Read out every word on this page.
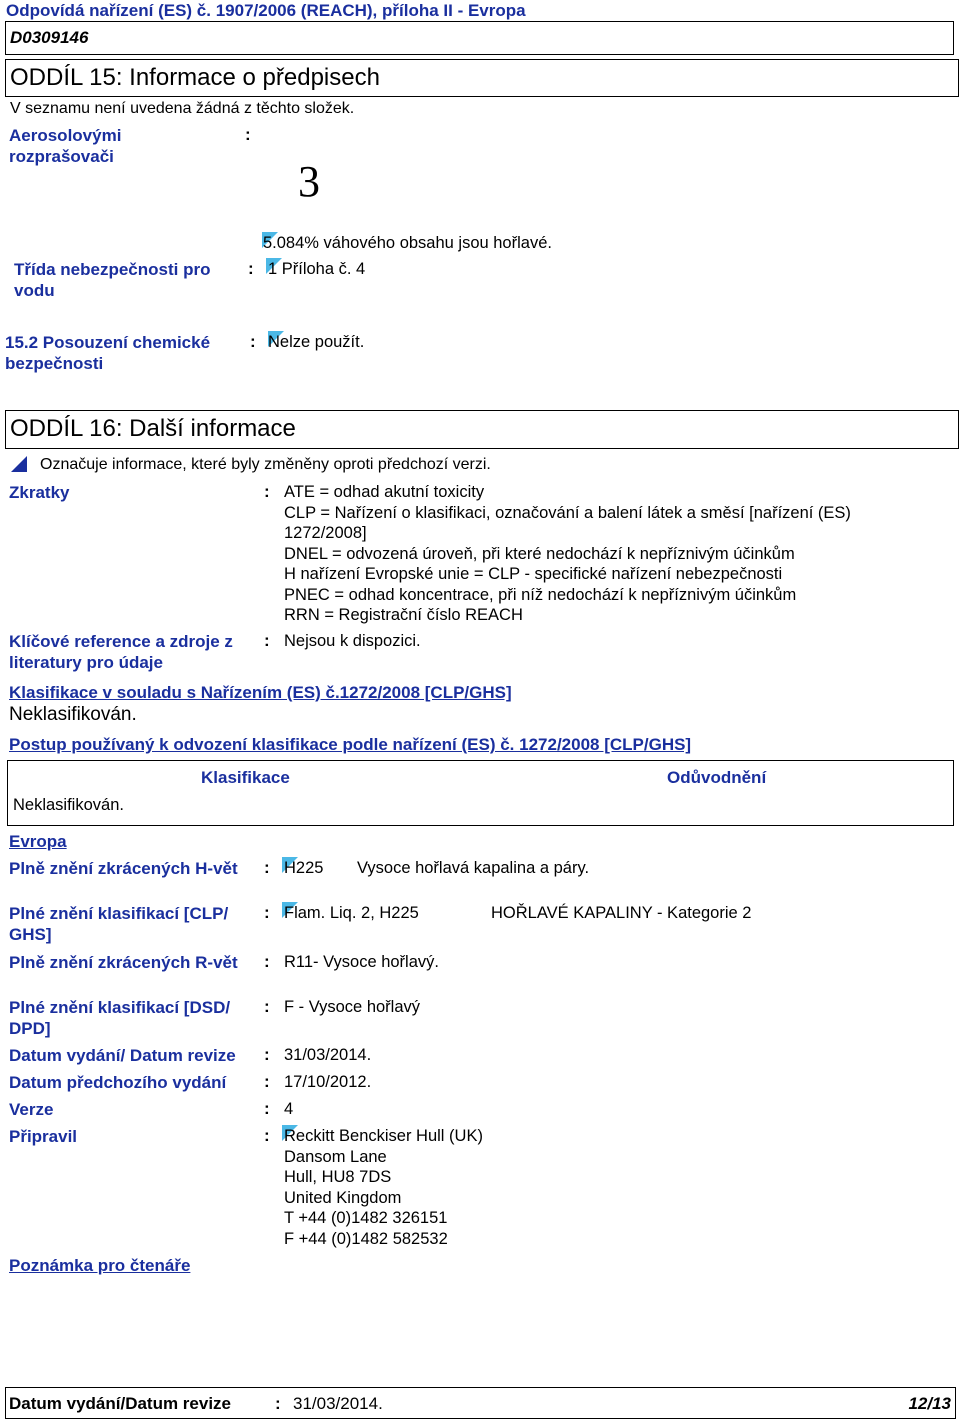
Odpovídá nařízení (ES) č. 1907/2006 (REACH), příloha II - Evropa
D0309146
ODDÍL 15: Informace o předpisech
V seznamu není uvedena žádná z těchto složek.
Aerosolovými
rozprašovači
:
3
5.084% váhového obsahu jsou hořlavé.
Třída nebezpečnosti pro
vodu
: 1 Příloha č. 4
15.2 Posouzení chemické
bezpečnosti
: Nelze použít.
ODDÍL 16: Další informace
Označuje informace, které byly změněny oproti předchozí verzi.
Zkratky	: ATE = odhad akutní toxicity
CLP = Nařízení o klasifikaci, označování a balení látek a směsí [nařízení (ES)
1272/2008]
DNEL = odvozená úroveň, při které nedochází k nepříznivým účinkům
H nařízení Evropské unie = CLP - specifické nařízení nebezpečnosti
PNEC = odhad koncentrace, při níž nedochází k nepříznivým účinkům
RRN = Registrační číslo REACH
Klíčové reference a zdroje z
literatury pro údaje
: Nejsou k dispozici.
Klasifikace v souladu s Nařízením (ES) č.1272/2008 [CLP/GHS]
Neklasifikován.
Postup používaný k odvození klasifikace podle nařízení (ES) č. 1272/2008 [CLP/GHS]
Klasifikace	Odůvodnění
Neklasifikován.
Evropa
Plně znění zkrácených H-vět : H225 Vysoce hořlavá kapalina a páry.
Plné znění klasifikací [CLP/
GHS]
: Flam. Liq. 2, H225	HOŘLAVÉ KAPALINY - Kategorie 2
Plně znění zkrácených R-vět : R11- Vysoce hořlavý.
Plné znění klasifikací [DSD/
DPD]
: F - Vysoce hořlavý
Datum vydání/ Datum revize : 31/03/2014.
Datum předchozího vydání : 17/10/2012.
Verze	: 4
Připravil	: Reckitt Benckiser Hull (UK)
Dansom Lane
Hull, HU8 7DS
United Kingdom
T +44 (0)1482 326151
F +44 (0)1482 582532
Poznámka pro čtenáře
Datum vydání/Datum revize	: 31/03/2014.	12/13
